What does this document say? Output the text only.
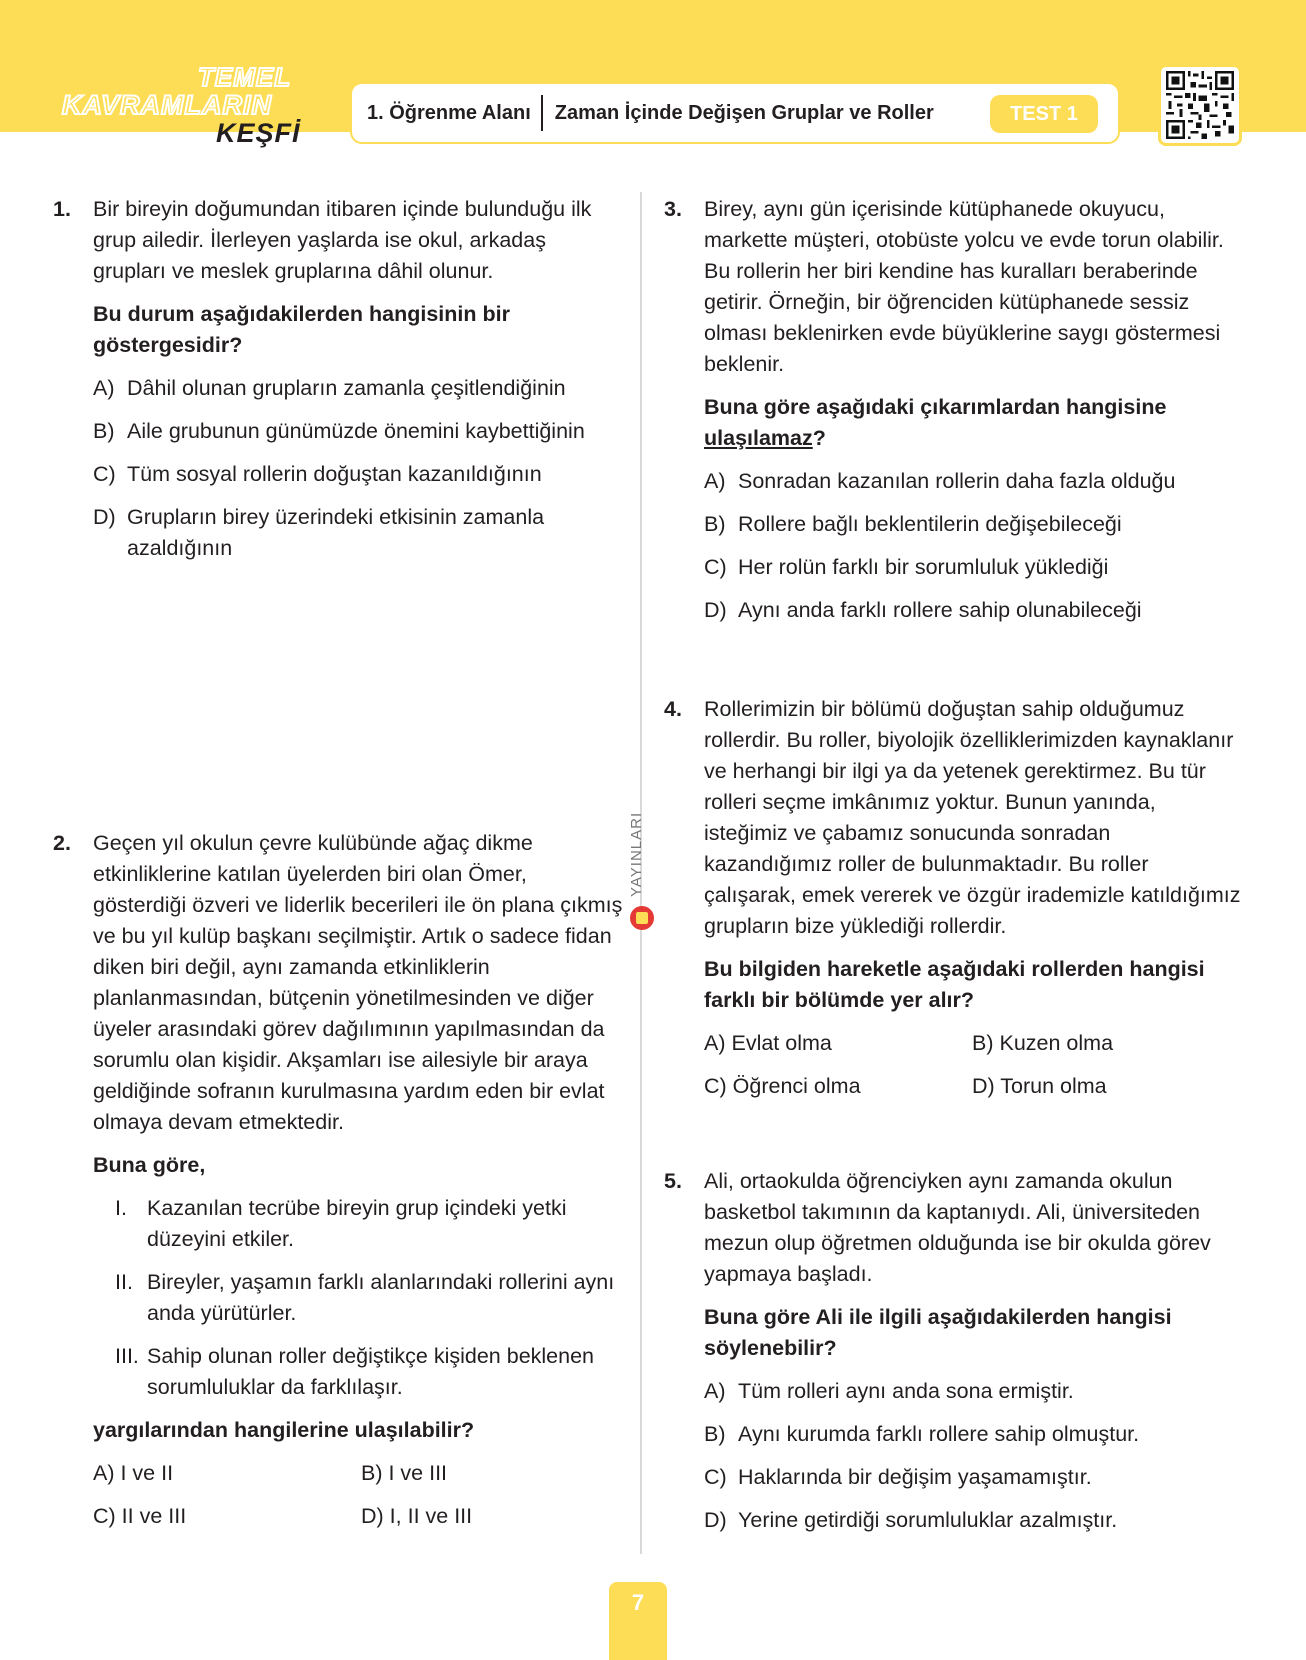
TEMEL
KAVRAMLARIN
KEŞFİ
1. Öğrenme Alanı	Zaman İçinde Değişen Gruplar ve Roller	TEST 1
YAYINLARI
1. Bir bireyin doğumundan itibaren içinde bulunduğu ilk grup ailedir. İlerleyen yaşlarda ise okul, arkadaş grupları ve meslek gruplarına dâhil olunur.

Bu durum aşağıdakilerden hangisinin bir göstergesidir?

A) Dâhil olunan grupların zamanla çeşitlendiğinin
B) Aile grubunun günümüzde önemini kaybettiğinin
C) Tüm sosyal rollerin doğuştan kazanıldığının
D) Grupların birey üzerindeki etkisinin zamanla azaldığının
2. Geçen yıl okulun çevre kulübünde ağaç dikme etkinliklerine katılan üyelerden biri olan Ömer, gösterdiği özveri ve liderlik becerileri ile ön plana çıkmış ve bu yıl kulüp başkanı seçilmiştir. Artık o sadece fidan diken biri değil, aynı zamanda etkinliklerin planlanmasından, bütçenin yönetilmesinden ve diğer üyeler arasındaki görev dağılımının yapılmasından da sorumlu olan kişidir. Akşamları ise ailesiyle bir araya geldiğinde sofranın kurulmasına yardım eden bir evlat olmaya devam etmektedir.

Buna göre,

I. Kazanılan tecrübe bireyin grup içindeki yetki düzeyini etkiler.
II. Bireyler, yaşamın farklı alanlarındaki rollerini aynı anda yürütürler.
III. Sahip olunan roller değiştikçe kişiden beklenen sorumluluklar da farklılaşır.

yargılarından hangilerine ulaşılabilir?

A) I ve II	B) I ve III
C) II ve III	D) I, II ve III
3. Birey, aynı gün içerisinde kütüphanede okuyucu, markette müşteri, otobüste yolcu ve evde torun olabilir. Bu rollerin her biri kendine has kuralları beraberinde getirir. Örneğin, bir öğrenciden kütüphanede sessiz olması beklenirken evde büyüklerine saygı göstermesi beklenir.

Buna göre aşağıdaki çıkarımlardan hangisine ulaşılamaz?

A) Sonradan kazanılan rollerin daha fazla olduğu
B) Rollere bağlı beklentilerin değişebileceği
C) Her rolün farklı bir sorumluluk yüklediği
D) Aynı anda farklı rollere sahip olunabileceği
4. Rollerimizin bir bölümü doğuştan sahip olduğumuz rollerdir. Bu roller, biyolojik özelliklerimizden kaynaklanır ve herhangi bir ilgi ya da yetenek gerektirmez. Bu tür rolleri seçme imkânımız yoktur. Bunun yanında, isteğimiz ve çabamız sonucunda sonradan kazandığımız roller de bulunmaktadır. Bu roller çalışarak, emek vererek ve özgür irademizle katıldığımız grupların bize yüklediği rollerdir.

Bu bilgiden hareketle aşağıdaki rollerden hangisi farklı bir bölümde yer alır?

A) Evlat olma	B) Kuzen olma
C) Öğrenci olma	D) Torun olma
5. Ali, ortaokulda öğrenciyken aynı zamanda okulun basketbol takımının da kaptanıydı. Ali, üniversiteden mezun olup öğretmen olduğunda ise bir okulda görev yapmaya başladı.

Buna göre Ali ile ilgili aşağıdakilerden hangisi söylenebilir?

A) Tüm rolleri aynı anda sona ermiştir.
B) Aynı kurumda farklı rollere sahip olmuştur.
C) Haklarında bir değişim yaşamamıştır.
D) Yerine getirdiği sorumluluklar azalmıştır.
7
